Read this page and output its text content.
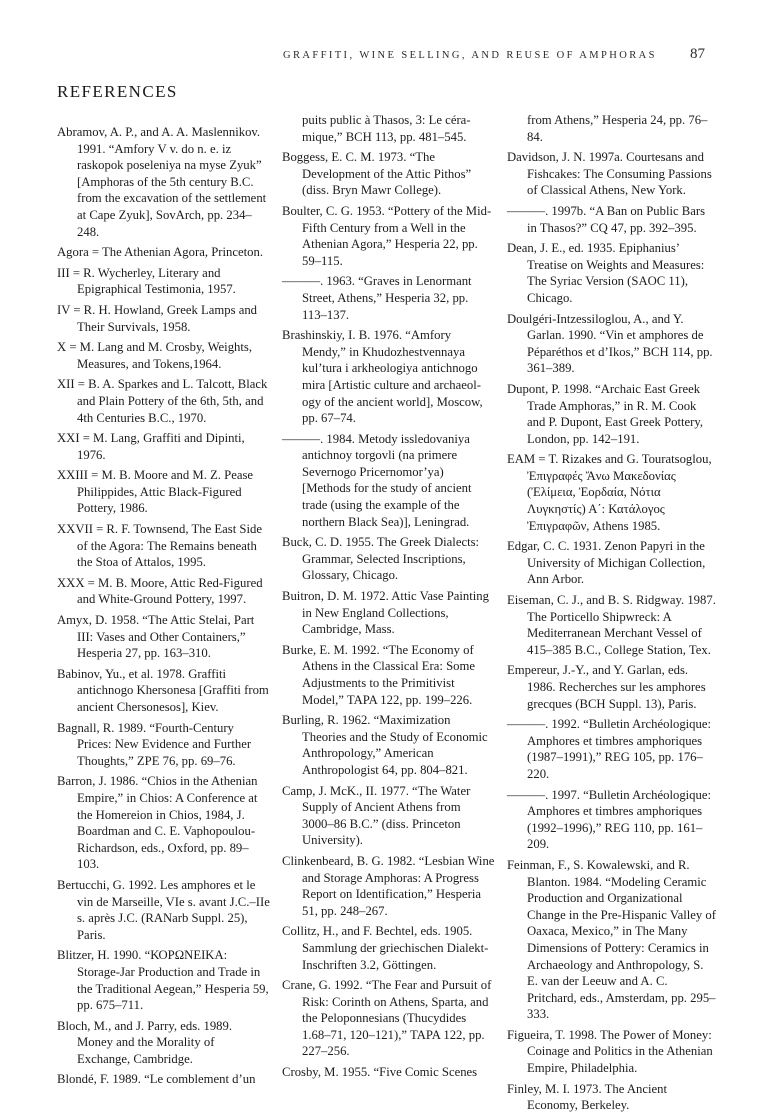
GRAFFITI, WINE SELLING, AND REUSE OF AMPHORAS 87
REFERENCES

Abramov, A. P., and A. A. Maslennikov. 1991. “Amfory V v. do n. e. iz raskopok poseleniya na myse Zyuk” [Amphoras of the 5th century B.C. from the excavation of the settlement at Cape Zyuk], SovArch, pp. 234–248.

Agora = The Athenian Agora, Princeton.

III = R. Wycherley, Literary and Epigraphical Testimonia, 1957.

IV = R. H. Howland, Greek Lamps and Their Survivals, 1958.

X = M. Lang and M. Crosby, Weights, Measures, and Tokens,1964.

XII = B. A. Sparkes and L. Talcott, Black and Plain Pottery of the 6th, 5th, and 4th Centuries B.C., 1970.

XXI = M. Lang, Graffiti and Dipinti, 1976.

XXIII = M. B. Moore and M. Z. Pease Philippides, Attic Black-Figured Pottery, 1986.

XXVII = R. F. Townsend, The East Side of the Agora: The Remains beneath the Stoa of Attalos, 1995.

XXX = M. B. Moore, Attic Red-Figured and White-Ground Pottery, 1997.

Amyx, D. 1958. “The Attic Stelai, Part III: Vases and Other Containers,” Hesperia 27, pp. 163–310.

Babinov, Yu., et al. 1978. Graffiti antichnogo Khersonesa [Graffiti from ancient Chersonesos], Kiev.

Bagnall, R. 1989. “Fourth-Century Prices: New Evidence and Further Thoughts,” ZPE 76, pp. 69–76.

Barron, J. 1986. “Chios in the Athenian Empire,” in Chios: A Conference at the Homereion in Chios, 1984, J. Boardman and C. E. Vaphopoulou-Richardson, eds., Oxford, pp. 89–103.

Bertucchi, G. 1992. Les amphores et le vin de Marseille, VIe s. avant J.C.–IIe s. après J.C. (RANarb Suppl. 25), Paris.

Blitzer, H. 1990. “ΚΟΡΩΝΕΙΚΑ: Storage-Jar Production and Trade in the Traditional Aegean,” Hesperia 59, pp. 675–711.

Bloch, M., and J. Parry, eds. 1989. Money and the Morality of Exchange, Cambridge.

Blondé, F. 1989. “Le comblement d’un

puits public à Thasos, 3: Le céramique,” BCH 113, pp. 481–545.

Boggess, E. C. M. 1973. “The Development of the Attic Pithos” (diss. Bryn Mawr College).

Boulter, C. G. 1953. “Pottery of the Mid-Fifth Century from a Well in the Athenian Agora,” Hesperia 22, pp. 59–115.

———. 1963. “Graves in Lenormant Street, Athens,” Hesperia 32, pp. 113–137.

Brashinskiy, I. B. 1976. “Amfory Mendy,” in Khudozhestvennaya kul’tura i arkheologiya antichnogo mira [Artistic culture and archaeology of the ancient world], Moscow, pp. 67–74.

———. 1984. Metody issledovaniya antichnoy torgovli (na primere Severnogo Pricernomor’ya) [Methods for the study of ancient trade (using the example of the northern Black Sea)], Leningrad.

Buck, C. D. 1955. The Greek Dialects: Grammar, Selected Inscriptions, Glossary, Chicago.

Buitron, D. M. 1972. Attic Vase Painting in New England Collections, Cambridge, Mass.

Burke, E. M. 1992. “The Economy of Athens in the Classical Era: Some Adjustments to the Primitivist Model,” TAPA 122, pp. 199–226.

Burling, R. 1962. “Maximization Theories and the Study of Economic Anthropology,” American Anthropologist 64, pp. 804–821.

Camp, J. McK., II. 1977. “The Water Supply of Ancient Athens from 3000–86 B.C.” (diss. Princeton University).

Clinkenbeard, B. G. 1982. “Lesbian Wine and Storage Amphoras: A Progress Report on Identification,” Hesperia 51, pp. 248–267.

Collitz, H., and F. Bechtel, eds. 1905. Sammlung der griechischen Dialekt-Inschriften 3.2, Göttingen.

Crane, G. 1992. “The Fear and Pursuit of Risk: Corinth on Athens, Sparta, and the Peloponnesians (Thucydides 1.68–71, 120–121),” TAPA 122, pp. 227–256.

Crosby, M. 1955. “Five Comic Scenes

from Athens,” Hesperia 24, pp. 76–84.

Davidson, J. N. 1997a. Courtesans and Fishcakes: The Consuming Passions of Classical Athens, New York.

———. 1997b. “A Ban on Public Bars in Thasos?” CQ 47, pp. 392–395.

Dean, J. E., ed. 1935. Epiphanius’ Treatise on Weights and Measures: The Syriac Version (SAOC 11), Chicago.

Doulgéri-Intzessiloglou, A., and Y. Garlan. 1990. “Vin et amphores de Péparéthos et d’Ikos,” BCH 114, pp. 361–389.

Dupont, P. 1998. “Archaic East Greek Trade Amphoras,” in R. M. Cook and P. Dupont, East Greek Pottery, London, pp. 142–191.

EAM = T. Rizakes and G. Touratsoglou, Ἐπιγραφές Ἄνω Μακεδονίας (Ἐλίμεια, Ἐορδαία, Νότια Λυγκηστίς) Α΄: Κατάλογος Ἐπιγραφῶν, Athens 1985.

Edgar, C. C. 1931. Zenon Papyri in the University of Michigan Collection, Ann Arbor.

Eiseman, C. J., and B. S. Ridgway. 1987. The Porticello Shipwreck: A Mediterranean Merchant Vessel of 415–385 B.C., College Station, Tex.

Empereur, J.-Y., and Y. Garlan, eds. 1986. Recherches sur les amphores grecques (BCH Suppl. 13), Paris.

———. 1992. “Bulletin Archéologique: Amphores et timbres amphoriques (1987–1991),” REG 105, pp. 176–220.

———. 1997. “Bulletin Archéologique: Amphores et timbres amphoriques (1992–1996),” REG 110, pp. 161–209.

Feinman, F., S. Kowalewski, and R. Blanton. 1984. “Modeling Ceramic Production and Organizational Change in the Pre-Hispanic Valley of Oaxaca, Mexico,” in The Many Dimensions of Pottery: Ceramics in Archaeology and Anthropology, S. E. van der Leeuw and A. C. Pritchard, eds., Amsterdam, pp. 295–333.

Figueira, T. 1998. The Power of Money: Coinage and Politics in the Athenian Empire, Philadelphia.

Finley, M. I. 1973. The Ancient Economy, Berkeley.
